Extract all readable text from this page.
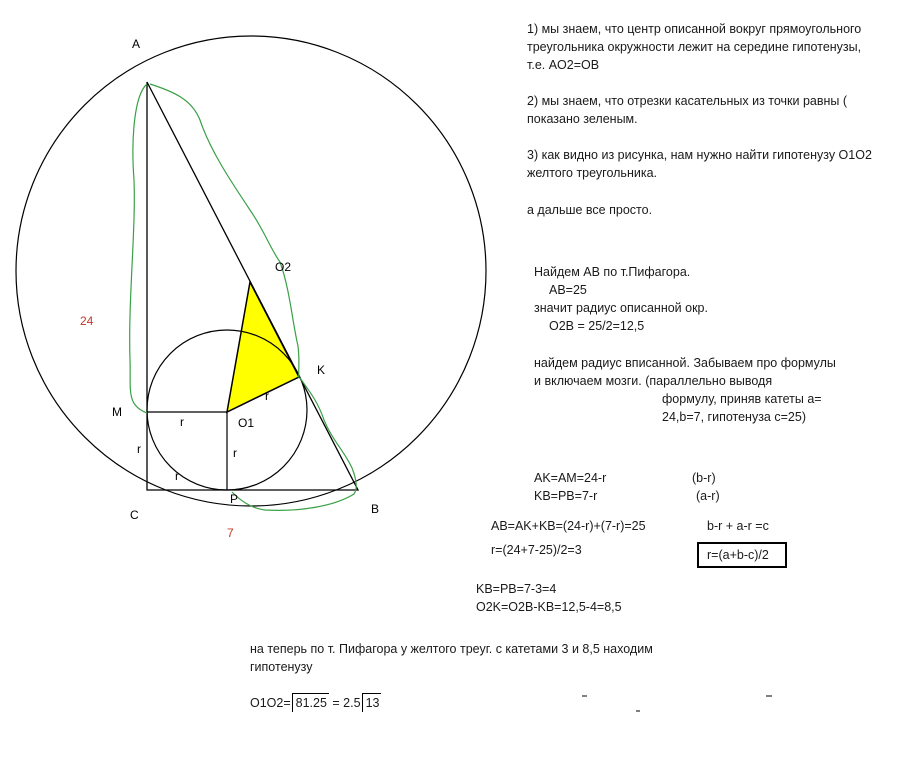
A
M
C
P
B
K
O1
O2
24
7
r
r
r
r
r
1) мы знаем, что центр описанной вокруг прямоугольного треугольника окружности лежит на середине гипотенузы, т.е. AO2=OB
2) мы знаем, что отрезки касательных из точки равны ( показано зеленым.
3) как видно из рисунка, нам нужно найти гипотенузу O1O2 желтого треугольника.
а дальше все просто.
Найдем AB по т.Пифагора.
AB=25
значит радиус описанной окр.
O2B = 25/2=12,5
найдем радиус вписанной. Забываем про формулы
и включаем мозги. (параллельно выводя
формулу, приняв катеты a=
24,b=7, гипотенуза c=25)
AK=AM=24-r	(b-r)
KB=PB=7-r	(a-r)
AB=AK+KB=(24-r)+(7-r)=25	b-r + a-r =c
r=(24+7-25)/2=3	r=(a+b-c)/2
KB=PB=7-3=4
O2K=O2B-KB=12,5-4=8,5
на теперь по т. Пифагора у желтого треуг. с катетами 3 и 8,5 находим
гипотенузу
O1O2= 81.25 = 2.5 13
